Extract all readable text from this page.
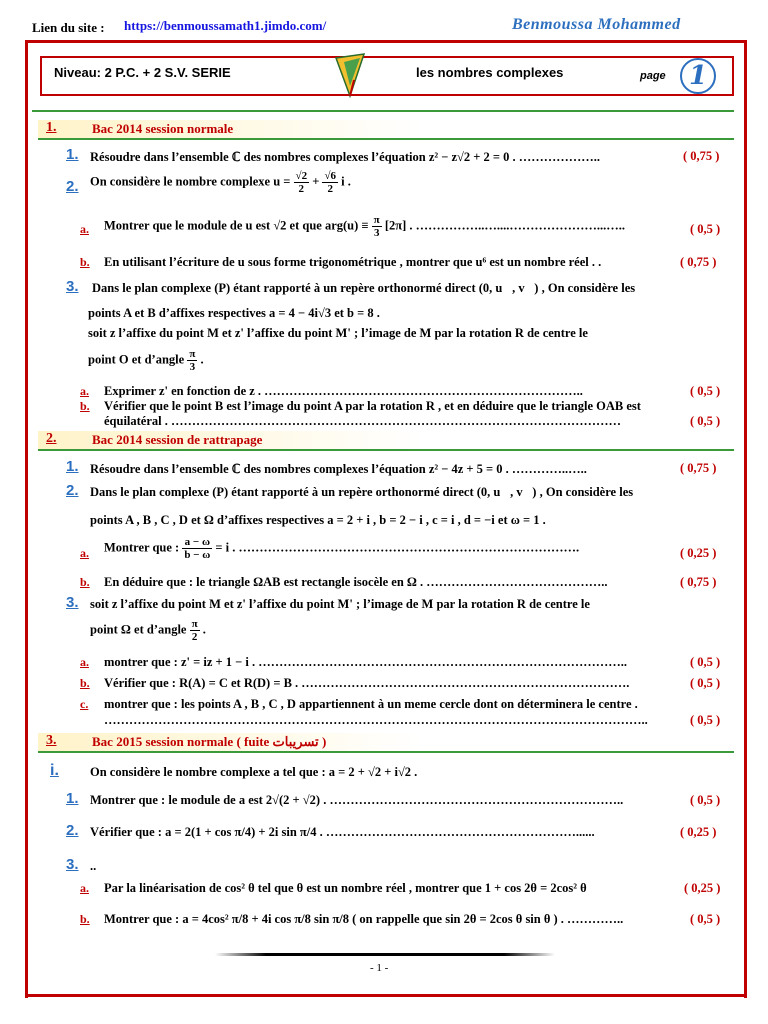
Lien du site : https://benmoussamath1.jimdo.com/	Benmoussa Mohammed
Niveau: 2 P.C. + 2 S.V. SERIE	les nombres complexes	page 1
1.	Bac 2014 session normale
1. Résoudre dans l’ensemble ℂ des nombres complexes l’équation z² − z√2 + 2 = 0 . ………………..	( 0,75 )
2. On considère le nombre complexe $u = \frac{√2}{2} + \frac{√6}{2}$ i .
a. Montrer que le module de u est √2 et que $arg(u) \equiv \frac{\pi}{3} [2\pi]$ . ……………..…....…………………...…..	( 0,5 )
b. En utilisant l’écriture de u sous forme trigonométrique , montrer que u⁶ est un nombre réel . .	( 0,75 )
3. Dans le plan complexe (P) étant rapporté à un repère orthonormé direct (0, u⃗, v⃗) , On considère les
points A et B d’affixes respectives a = 4 − 4i√3 et b = 8 .
soit z l’affixe du point M et z' l’affixe du point M' ; l’image de M par la rotation R de centre le
point O et d’angle $\frac{\pi}{3}$ .
a. Exprimer z' en fonction de z . …………………………………………………………………..	( 0,5 )
b. Vérifier que le point B est l’image du point A par la rotation R , et en déduire que le triangle OAB est
équilatéral . ………………………………………………………………………………………………	( 0,5 )
2.	Bac 2014 session de rattrapage
1. Résoudre dans l’ensemble ℂ des nombres complexes l’équation z² − 4z + 5 = 0 . …………..…..	( 0,75 )
2. Dans le plan complexe (P) étant rapporté à un repère orthonormé direct (0, u⃗, v⃗) , On considère les
points A , B , C , D et Ω d’affixes respectives a = 2 + i , b = 2 − i , c = i , d = −i et ω = 1 .
a. Montrer que : $\frac{a - \omega}{b - \omega} = i$ . ……………………………………………………………………….	( 0,25 )
b. En déduire que : le triangle ΩAB est rectangle isocèle en Ω . ……………………………………..	( 0,75 )
3. soit z l’affixe du point M et z' l’affixe du point M' ; l’image de M par la rotation R de centre le
point Ω et d’angle $\frac{\pi}{2}$ .
a. montrer que : z' = iz + 1 − i . ……………………………………………………………………………..	( 0,5 )
b. Vérifier que : R(A) = C et R(D) = B . …………………………………………………………………….	( 0,5 )
c. montrer que : les points A , B , C , D appartiennent à un meme cercle dont on déterminera le centre .
…………………………………………………………………………………………………………………..	( 0,5 )
3.	Bac 2015 session normale ( fuite تسريبات )
i. On considère le nombre complexe a tel que : a = 2 + √2 + i√2 .
1. Montrer que : le module de a est 2√(2 + √2) . ……………………………………………………………..	( 0,5 )
2. Vérifier que : a = 2(1 + cos π/4) + 2i sin π/4 . ……………………………………………………......	( 0,25 )
3. ..
a. Par la linéarisation de cos² θ tel que θ est un nombre réel , montrer que 1 + cos 2θ = 2cos² θ	( 0,25 )
b. Montrer que : a = 4cos² π/8 + 4i cos π/8 sin π/8 ( on rappelle que sin 2θ = 2cos θ sin θ ) . …………..	( 0,5 )
- 1 -
